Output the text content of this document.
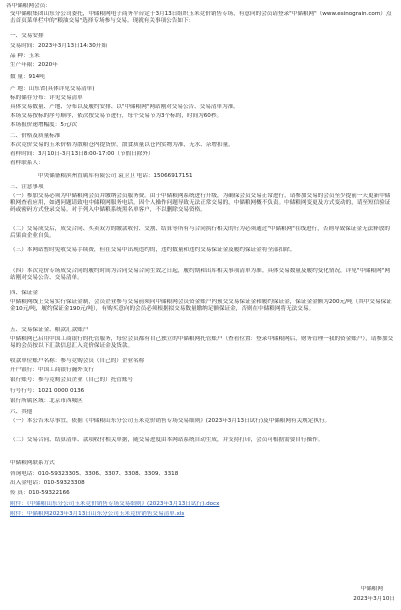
各中储粮网会员：
受中储粮集团山东分公司委托，中储粮网电子商务平台定于3月13日组织玉米竞价销售专场，有意向的会员请登录"中储粮网"（www.esinograin.com）点击首页菜单栏中的"粮油交易"选择专场参与交易。现就有关事项公告如下：
一、交易安排
交易时间：2023年3月13日14:30开始
品 种：玉米
生产年限：2020年
数 量：914吨
产 地：山东省(具体详见交易清单)
标的储存分布：详见交易清单
具体交易数量、产地、分布以及履约安排、以"中储粮网"网站刚对交易公告、交易清单为准。
本场交易按标的序号顺序，依次按交易节进行，每个交易节为3个标的，时间为60秒。
本场报价递增幅度：5元/次
二、价格及质量标准
本次竞价交易的玉米价格为散粮仓内提货价。散食质量以仓内实物为准，无水、杂增扣量。
看样时间：3月10日-3月13日8:00-17:00（节假日除外）
看样联系人：
中央储备粮滨州直属库有限公司 袁卫卫 电话：15066917151
三、注意事项
（一）参加交易必须为中储粮网会员并缴纳会员服务费。由于中储粮网系统进行升级，为确保会员交易正常进行，请参加交易的会员至少提前一天更新中储粮网查看应用，如遇问题请致电中储粮网服务电话。因个人操作问题导致无法正常交易的，中储粮网概不负责。中储粮网变更及方式变动的，请至短信验证码或密码方式登录交易。对于列入中储粮系统黑名单客户，不以删除交易资格。
（二）交易成交后，成交合同、买卖双方的缴款收付、交割、结算等所有与合同执行相关的行为必须通过"中储粮网"在线进行，否则导致保证金无法释放的后果由企业自负。
（三）本网站暂时免收交易手续费，但在交易中出现违约的，违约数量和违约交易保证金及履约保证金将全部扣除。
（四）本次竞价专场成交合同的履约时间为合同交易合同生效之日起，履约期和出库相关事项清单为准。具体交易数量及履约变化情况，详见"中储粮网"网站刚对交易公告、交易清单。
四、保证金
中储粮网线上交易实行保证金制，会员企业参与交易前须向中储粮网会员资金账户内预交交易保证金和履约保证金，保证金金额为200元/吨（其中交易保证金10元/吨，履约保证金190元/吨），有购买意向的会员必须根据拟交易数量缴纳足额保证金，否则在中储粮网将无法交易。
五、交易保证金、粮款汇款账户
中储粮网已启用中国工商银行的托管服务，每位会员都有自己独立的中储粮网托管账户（查看位置：登录中储粮网后，财务管理一我的资金账户），请参加交易的会员按以下汇款信息汇入竞价保证金及货款。
收款单位账户名称：参与竞购会员（自己的）企业名称
开户银行：中国工商银行瀚外支行
银行账号：参与竞购会员企业（自己的）托管账号
行号行号：1021 0000 0136
银行所属区域：北京市西城区
六、其他
（一）本公告未尽事宜，依据《中储粮山东分公司玉米竞价销售专场交易细则》(2023年3月13日试行)及中储粮网有关规定执行。
（二）交易合同、结算清单、款项收付相关单据，随交易进度由本网站系统自动生成，并支持打印，会员可根据需要自行操作。
中储粮网联系方式
咨询电话：010-59323305、3306、3307、3308、3309、3318
出入金电话：010-59323308
传 真：010-59322166
附件：《中储粮山东分公司玉米竞价销售专场交易细则》(2023年3月13日试行).docx
附件：中储粮网2023年3月13日山东分公司玉米竞价销售交易清单.xls
中储粮网
2023年3月10日
